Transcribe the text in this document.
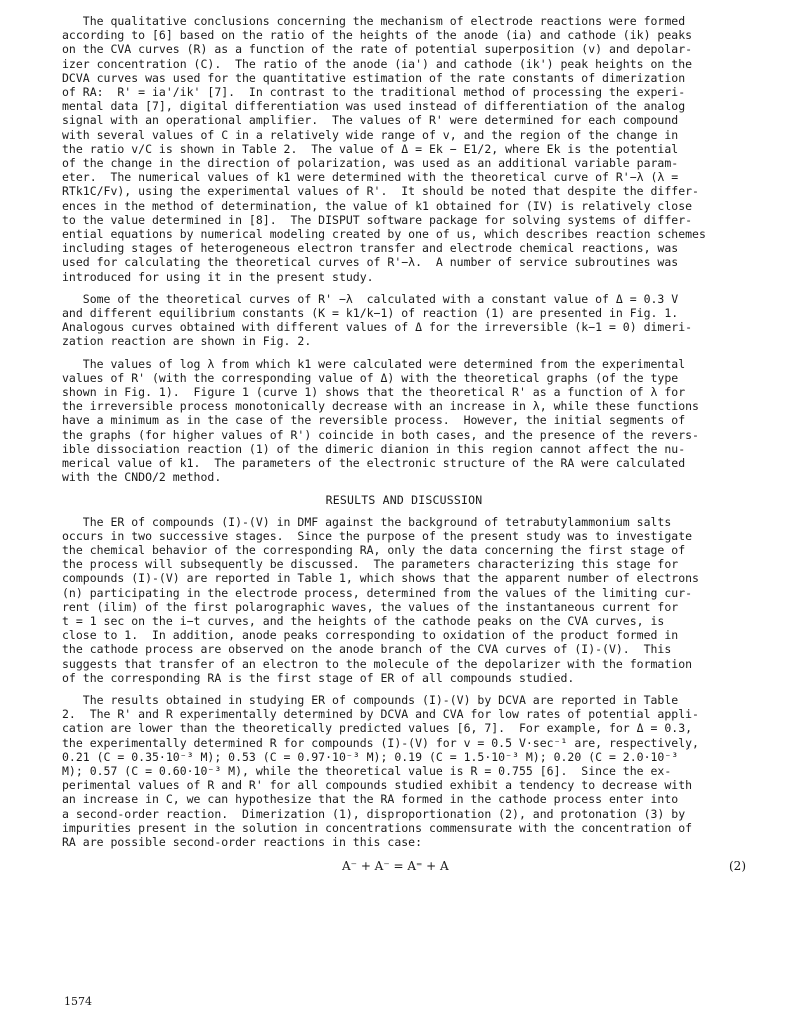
The qualitative conclusions concerning the mechanism of electrode reactions were formed
according to [6] based on the ratio of the heights of the anode (ia) and cathode (ik) peaks
on the CVA curves (R) as a function of the rate of potential superposition (v) and depolar-
izer concentration (C).  The ratio of the anode (ia') and cathode (ik') peak heights on the
DCVA curves was used for the quantitative estimation of the rate constants of dimerization
of RA:  R' = ia'/ik' [7].  In contrast to the traditional method of processing the experi-
mental data [7], digital differentiation was used instead of differentiation of the analog
signal with an operational amplifier.  The values of R' were determined for each compound
with several values of C in a relatively wide range of v, and the region of the change in
the ratio v/C is shown in Table 2.  The value of Δ = Ek − E1/2, where Ek is the potential
of the change in the direction of polarization, was used as an additional variable param-
eter.  The numerical values of k1 were determined with the theoretical curve of R'−λ (λ =
RTk1C/Fv), using the experimental values of R'.  It should be noted that despite the differ-
ences in the method of determination, the value of k1 obtained for (IV) is relatively close
to the value determined in [8].  The DISPUT software package for solving systems of differ-
ential equations by numerical modeling created by one of us, which describes reaction schemes
including stages of heterogeneous electron transfer and electrode chemical reactions, was
used for calculating the theoretical curves of R'−λ.  A number of service subroutines was
introduced for using it in the present study.
Some of the theoretical curves of R' −λ  calculated with a constant value of Δ = 0.3 V
and different equilibrium constants (K = k1/k−1) of reaction (1) are presented in Fig. 1.
Analogous curves obtained with different values of Δ for the irreversible (k−1 = 0) dimeri-
zation reaction are shown in Fig. 2.
The values of log λ from which k1 were calculated were determined from the experimental
values of R' (with the corresponding value of Δ) with the theoretical graphs (of the type
shown in Fig. 1).  Figure 1 (curve 1) shows that the theoretical R' as a function of λ for
the irreversible process monotonically decrease with an increase in λ, while these functions
have a minimum as in the case of the reversible process.  However, the initial segments of
the graphs (for higher values of R') coincide in both cases, and the presence of the revers-
ible dissociation reaction (1) of the dimeric dianion in this region cannot affect the nu-
merical value of k1.  The parameters of the electronic structure of the RA were calculated
with the CNDO/2 method.
RESULTS AND DISCUSSION
The ER of compounds (I)-(V) in DMF against the background of tetrabutylammonium salts
occurs in two successive stages.  Since the purpose of the present study was to investigate
the chemical behavior of the corresponding RA, only the data concerning the first stage of
the process will subsequently be discussed.  The parameters characterizing this stage for
compounds (I)-(V) are reported in Table 1, which shows that the apparent number of electrons
(n) participating in the electrode process, determined from the values of the limiting cur-
rent (ilim) of the first polarographic waves, the values of the instantaneous current for
t = 1 sec on the i−t curves, and the heights of the cathode peaks on the CVA curves, is
close to 1.  In addition, anode peaks corresponding to oxidation of the product formed in
the cathode process are observed on the anode branch of the CVA curves of (I)-(V).  This
suggests that transfer of an electron to the molecule of the depolarizer with the formation
of the corresponding RA is the first stage of ER of all compounds studied.
The results obtained in studying ER of compounds (I)-(V) by DCVA are reported in Table
2.  The R' and R experimentally determined by DCVA and CVA for low rates of potential appli-
cation are lower than the theoretically predicted values [6, 7].  For example, for Δ = 0.3,
the experimentally determined R for compounds (I)-(V) for v = 0.5 V·sec⁻¹ are, respectively,
0.21 (C = 0.35·10⁻³ M); 0.53 (C = 0.97·10⁻³ M); 0.19 (C = 1.5·10⁻³ M); 0.20 (C = 2.0·10⁻³
M); 0.57 (C = 0.60·10⁻³ M), while the theoretical value is R = 0.755 [6].  Since the ex-
perimental values of R and R' for all compounds studied exhibit a tendency to decrease with
an increase in C, we can hypothesize that the RA formed in the cathode process enter into
a second-order reaction.  Dimerization (1), disproportionation (2), and protonation (3) by
impurities present in the solution in concentrations commensurate with the concentration of
RA are possible second-order reactions in this case:
A⁻ + A⁻ = A⁼ + A	(2)
1574
